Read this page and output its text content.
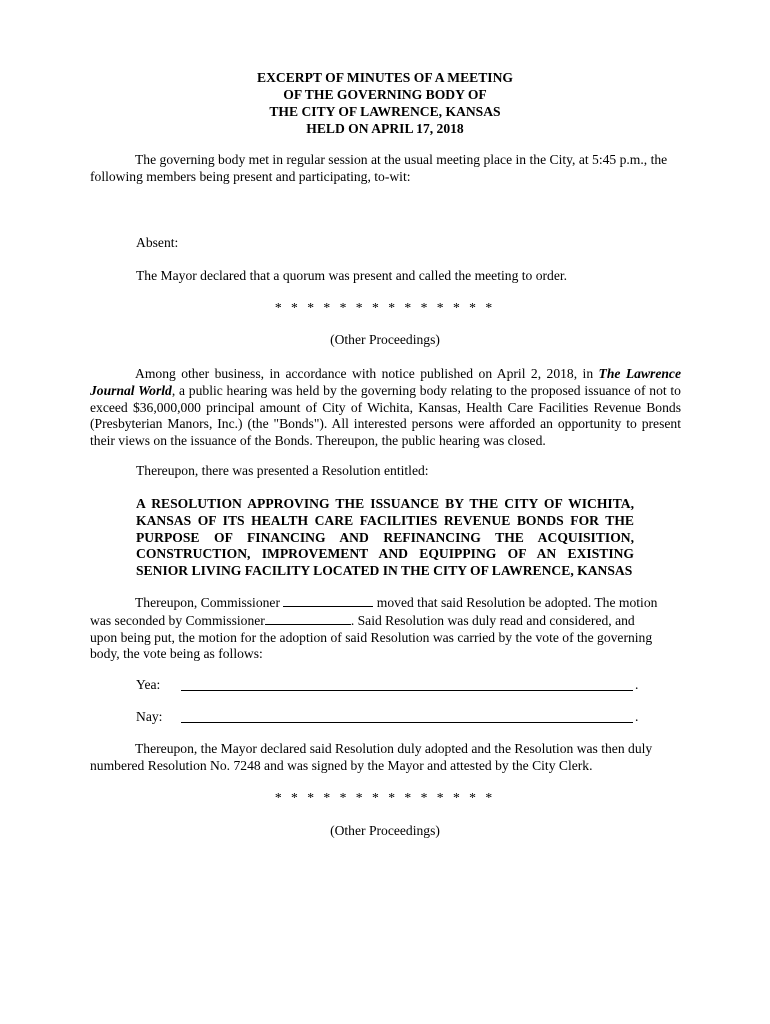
EXCERPT OF MINUTES OF A MEETING
OF THE GOVERNING BODY OF
THE CITY OF LAWRENCE, KANSAS
HELD ON APRIL 17, 2018
The governing body met in regular session at the usual meeting place in the City, at 5:45 p.m., the
following members being present and participating, to-wit:
Absent:
The Mayor declared that a quorum was present and called the meeting to order.
* * * * * * * * * * * * * *
(Other Proceedings)
Among other business, in accordance with notice published on April 2, 2018, in The Lawrence Journal World, a public hearing was held by the governing body relating to the proposed issuance of not to exceed $36,000,000 principal amount of City of Wichita, Kansas, Health Care Facilities Revenue Bonds (Presbyterian Manors, Inc.) (the "Bonds"). All interested persons were afforded an opportunity to present their views on the issuance of the Bonds. Thereupon, the public hearing was closed.
Thereupon, there was presented a Resolution entitled:
A RESOLUTION APPROVING THE ISSUANCE BY THE CITY OF WICHITA, KANSAS OF ITS HEALTH CARE FACILITIES REVENUE BONDS FOR THE PURPOSE OF FINANCING AND REFINANCING THE ACQUISITION, CONSTRUCTION, IMPROVEMENT AND EQUIPPING OF AN EXISTING SENIOR LIVING FACILITY LOCATED IN THE CITY OF LAWRENCE, KANSAS
Thereupon, Commissioner	moved that said Resolution be adopted. The motion
was seconded by Commissioner	. Said Resolution was duly read and considered, and
upon being put, the motion for the adoption of said Resolution was carried by the vote of the governing
body, the vote being as follows:
Yea:	.
Nay:	.
Thereupon, the Mayor declared said Resolution duly adopted and the Resolution was then duly
numbered Resolution No. 7248 and was signed by the Mayor and attested by the City Clerk.
* * * * * * * * * * * * * *
(Other Proceedings)
